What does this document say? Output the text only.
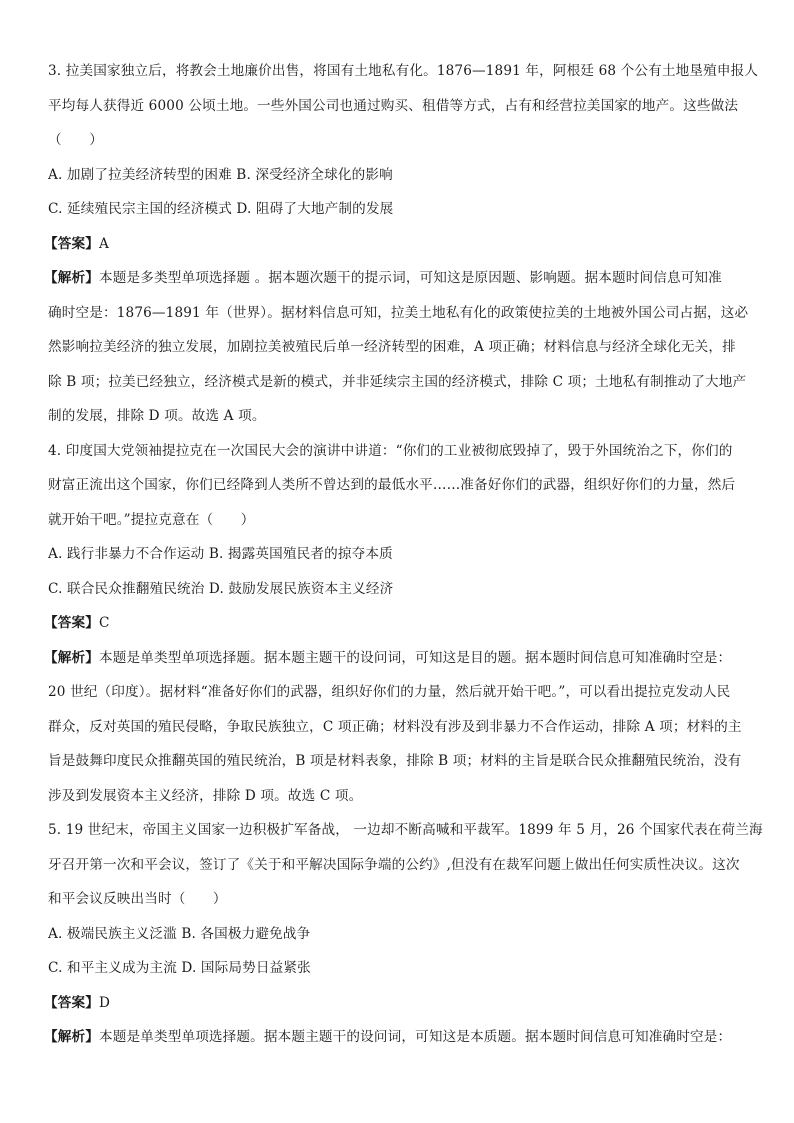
3. 拉美国家独立后，将教会土地廉价出售，将国有土地私有化。1876—1891 年，阿根廷 68 个公有土地垦殖申报人
平均每人获得近 6000 公顷土地。一些外国公司也通过购买、租借等方式，占有和经营拉美国家的地产。这些做法
（　　）
A. 加剧了拉美经济转型的困难 B. 深受经济全球化的影响
C. 延续殖民宗主国的经济模式 D. 阻碍了大地产制的发展
【答案】A
【解析】本题是多类型单项选择题 。据本题次题干的提示词，可知这是原因题、影响题。据本题时间信息可知准
确时空是：1876—1891 年（世界）。据材料信息可知，拉美土地私有化的政策使拉美的土地被外国公司占据，这必
然影响拉美经济的独立发展，加剧拉美被殖民后单一经济转型的困难，A 项正确；材料信息与经济全球化无关，排
除 B 项；拉美已经独立，经济模式是新的模式，并非延续宗主国的经济模式，排除 C 项；土地私有制推动了大地产
制的发展，排除 D 项。故选 A 项。
4. 印度国大党领袖提拉克在一次国民大会的演讲中讲道：“你们的工业被彻底毁掉了，毁于外国统治之下，你们的
财富正流出这个国家，你们已经降到人类所不曾达到的最低水平……准备好你们的武器，组织好你们的力量，然后
就开始干吧。”提拉克意在（　　）
A. 践行非暴力不合作运动 B. 揭露英国殖民者的掠夺本质
C. 联合民众推翻殖民统治 D. 鼓励发展民族资本主义经济
【答案】C
【解析】本题是单类型单项选择题。据本题主题干的设问词，可知这是目的题。据本题时间信息可知准确时空是：
20 世纪（印度）。据材料“准备好你们的武器，组织好你们的力量，然后就开始干吧。”，可以看出提拉克发动人民
群众，反对英国的殖民侵略，争取民族独立，C 项正确；材料没有涉及到非暴力不合作运动，排除 A 项；材料的主
旨是鼓舞印度民众推翻英国的殖民统治，B 项是材料表象，排除 B 项；材料的主旨是联合民众推翻殖民统治，没有
涉及到发展资本主义经济，排除 D 项。故选 C 项。
5. 19 世纪末，帝国主义国家一边积极扩军备战， 一边却不断高喊和平裁军。1899 年 5 月，26 个国家代表在荷兰海
牙召开第一次和平会议，签订了《关于和平解决国际争端的公约》,但没有在裁军问题上做出任何实质性决议。这次
和平会议反映出当时（　　）
A. 极端民族主义泛滥 B. 各国极力避免战争
C. 和平主义成为主流 D. 国际局势日益紧张
【答案】D
【解析】本题是单类型单项选择题。据本题主题干的设问词，可知这是本质题。据本题时间信息可知准确时空是：
